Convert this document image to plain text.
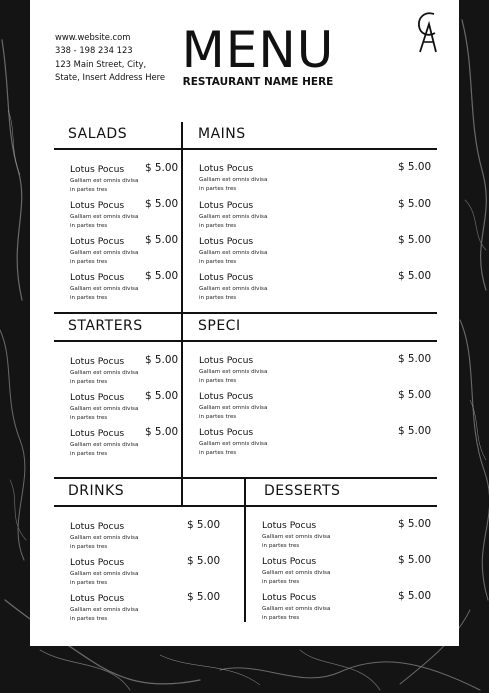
www.website.com
338 - 198 234 123
123 Main Street, City,
State, Insert Address Here MENU
RESTAURANT NAME HERE
SALADS	MAINS
Lotus Pocus
Galliam est omnis divisa in partes tres
$ 5.00
Lotus Pocus
Galliam est omnis divisa in partes tres
$ 5.00
Lotus Pocus
Galliam est omnis divisa in partes tres
$ 5.00
Lotus Pocus
Galliam est omnis divisa in partes tres
$ 5.00
Lotus Pocus
Galliam est omnis divisa in partes tres
$ 5.00
Lotus Pocus
Galliam est omnis divisa in partes tres
$ 5.00
Lotus Pocus
Galliam est omnis divisa in partes tres
$ 5.00
Lotus Pocus
Galliam est omnis divisa in partes tres
$ 5.00
STARTERS	SPECI
Lotus Pocus
Galliam est omnis divisa in partes tres
$ 5.00
Lotus Pocus
Galliam est omnis divisa in partes tres
$ 5.00
Lotus Pocus
Galliam est omnis divisa in partes tres
$ 5.00
Lotus Pocus
Galliam est omnis divisa in partes tres
$ 5.00
Lotus Pocus
Galliam est omnis divisa in partes tres
$ 5.00
Lotus Pocus
Galliam est omnis divisa in partes tres
$ 5.00
DRINKS	DESSERTS
Lotus Pocus
Galliam est omnis divisa in partes tres
$ 5.00
Lotus Pocus
Galliam est omnis divisa in partes tres
$ 5.00
Lotus Pocus
Galliam est omnis divisa in partes tres
$ 5.00
Lotus Pocus
Galliam est omnis divisa in partes tres
$ 5.00
Lotus Pocus
Galliam est omnis divisa in partes tres
$ 5.00
Lotus Pocus
Galliam est omnis divisa in partes tres
$ 5.00
